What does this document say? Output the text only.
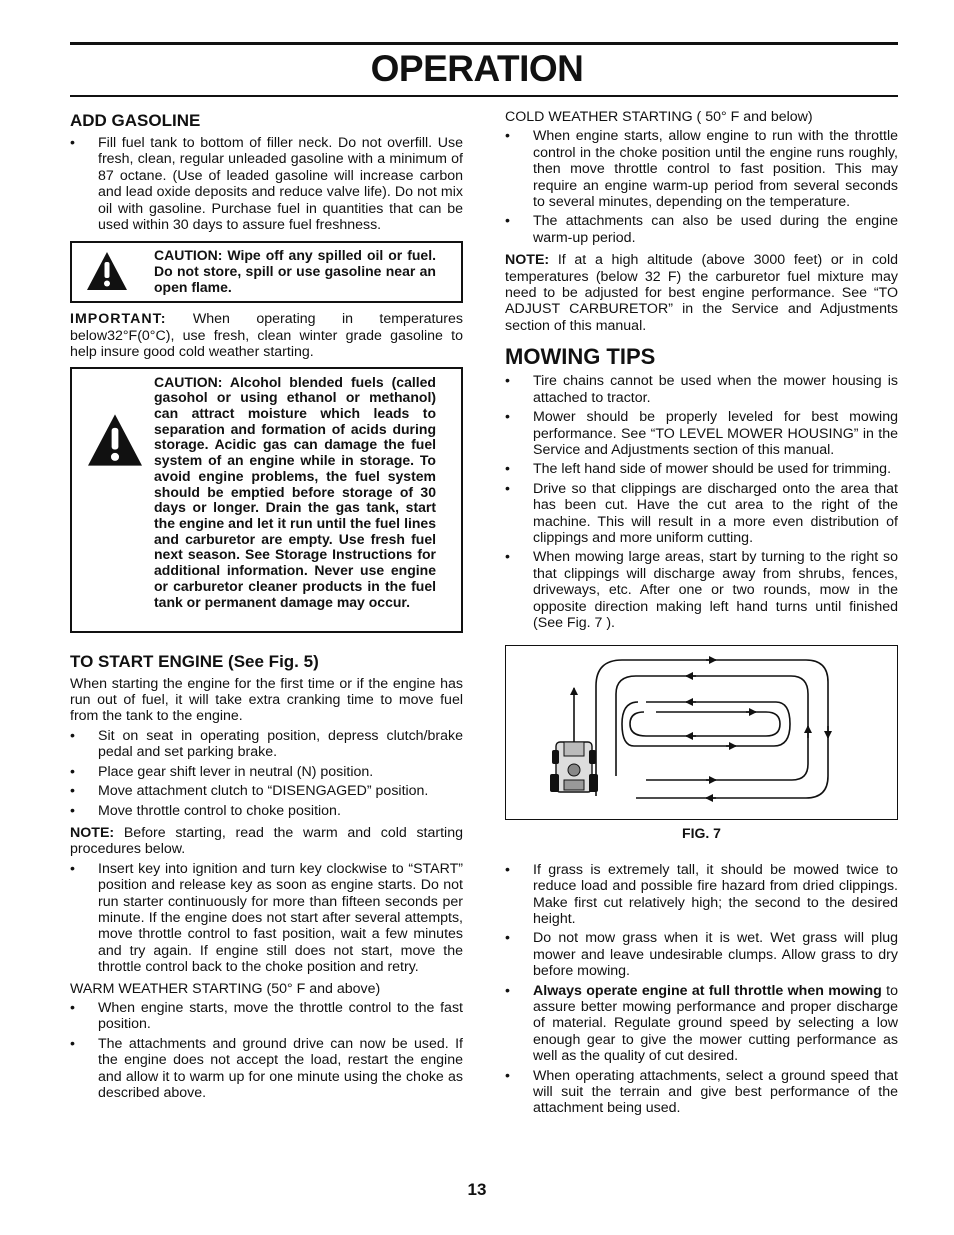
OPERATION
ADD GASOLINE
• Fill fuel tank to bottom of filler neck. Do not overfill. Use fresh, clean, regular unleaded gasoline with a minimum of 87 octane. (Use of leaded gasoline will increase carbon and lead oxide deposits and reduce valve life). Do not mix oil with gasoline. Purchase fuel in quantities that can be used within 30 days to assure fuel freshness.
CAUTION: Wipe off any spilled oil or fuel. Do not store, spill or use gasoline near an open flame.

IMPORTANT: When operating in temperatures below32°F(0°C), use fresh, clean winter grade gasoline to help insure good cold weather starting.

CAUTION: Alcohol blended fuels (called gasohol or using ethanol or methanol) can attract moisture which leads to separation and formation of acids during storage. Acidic gas can damage the fuel system of an engine while in storage. To avoid engine problems, the fuel system should be emptied before storage of 30 days or longer. Drain the gas tank, start the engine and let it run until the fuel lines and carburetor are empty. Use fresh fuel next season. See Storage Instructions for additional information. Never use engine or carburetor cleaner products in the fuel tank or permanent damage may occur.
TO START ENGINE (See Fig. 5)

When starting the engine for the first time or if the engine has run out of fuel, it will take extra cranking time to move fuel from the tank to the engine.

• Sit on seat in operating position, depress clutch/brake pedal and set parking brake.
• Place gear shift lever in neutral (N) position.
• Move attachment clutch to “DISENGAGED” position.
• Move throttle control to choke position.

NOTE: Before starting, read the warm and cold starting procedures below.

• Insert key into ignition and turn key clockwise to “START” position and release key as soon as engine starts. Do not run starter continuously for more than fifteen seconds per minute. If the engine does not start after several attempts, move throttle control to fast position, wait a few minutes and try again. If engine still does not start, move the throttle control back to the choke position and retry.

WARM WEATHER STARTING (50° F and above)

• When engine starts, move the throttle control to the fast position.
• The attachments and ground drive can now be used. If the engine does not accept the load, restart the engine and allow it to warm up for one minute using the choke as described above.

COLD WEATHER STARTING ( 50° F and below)

• When engine starts, allow engine to run with the throttle control in the choke position until the engine runs roughly, then move throttle control to fast position. This may require an engine warm-up period from several seconds to several minutes, depending on the temperature.
• The attachments can also be used during the engine warm-up period.

NOTE: If at a high altitude (above 3000 feet) or in cold temperatures (below 32 F) the carburetor fuel mixture may need to be adjusted for best engine performance. See “TO ADJUST CARBURETOR” in the Service and Adjustments section of this manual.

MOWING TIPS
• Tire chains cannot be used when the mower housing is attached to tractor.
• Mower should be properly leveled for best mowing performance. See “TO LEVEL MOWER HOUSING” in the Service and Adjustments section of this manual.
• The left hand side of mower should be used for trimming.
• Drive so that clippings are discharged onto the area that has been cut. Have the cut area to the right of the machine. This will result in a more even distribution of clippings and more uniform cutting.
• When mowing large areas, start by turning to the right so that clippings will discharge away from shrubs, fences, driveways, etc. After one or two rounds, mow in the opposite direction making left hand turns until finished (See Fig. 7 ).
FIG. 7
• If grass is extremely tall, it should be mowed twice to reduce load and possible fire hazard from dried clippings. Make first cut relatively high; the second to the desired height.
• Do not mow grass when it is wet. Wet grass will plug mower and leave undesirable clumps. Allow grass to dry before mowing.
• Always operate engine at full throttle when mowing to assure better mowing performance and proper discharge of material. Regulate ground speed by selecting a low enough gear to give the mower cutting performance as well as the quality of cut desired.
• When operating attachments, select a ground speed that will suit the terrain and give best performance of the attachment being used.
13
